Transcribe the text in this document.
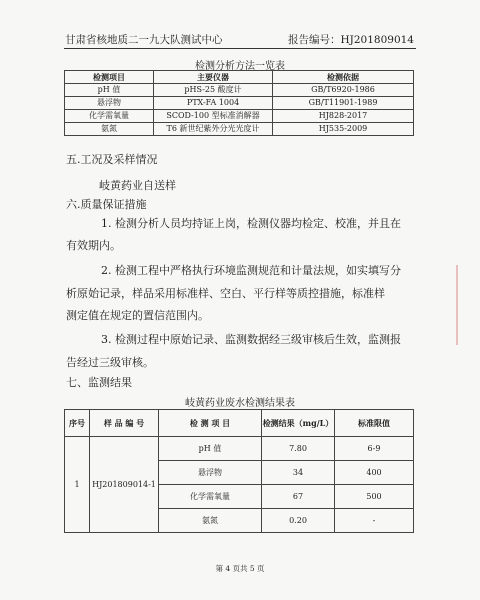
甘肃省核地质二一九大队测试中心	报告编号：HJ201809014
检测分析方法一览表
检测项目	主要仪器	检测依据
pH 值	pHS-25 酸度计	GB/T6920-1986
悬浮物	PTX-FA 1004	GB/T11901-1989
化学需氧量	SCOD-100 型标准消解器	HJ828-2017
氨氮	T6 新世纪紫外分光光度计	HJ535-2009
五.工况及采样情况
岐黄药业自送样
六.质量保证措施
1. 检测分析人员均持证上岗，检测仪器均检定、校准，并且在
有效期内。
2. 检测工程中严格执行环境监测规范和计量法规，如实填写分
析原始记录，样品采用标准样、空白、平行样等质控措施，标准样
测定值在规定的置信范围内。
3. 检测过程中原始记录、监测数据经三级审核后生效，监测报
告经过三级审核。
七、监测结果
岐黄药业废水检测结果表
序号	样 品 编 号	检 测 项 目	检测结果（mg/L）	标准限值
1	HJ201809014-1	pH 值	7.80	6-9
		悬浮物	34	400
		化学需氧量	67	500
		氨氮	0.20	-
第 4 页共 5 页
